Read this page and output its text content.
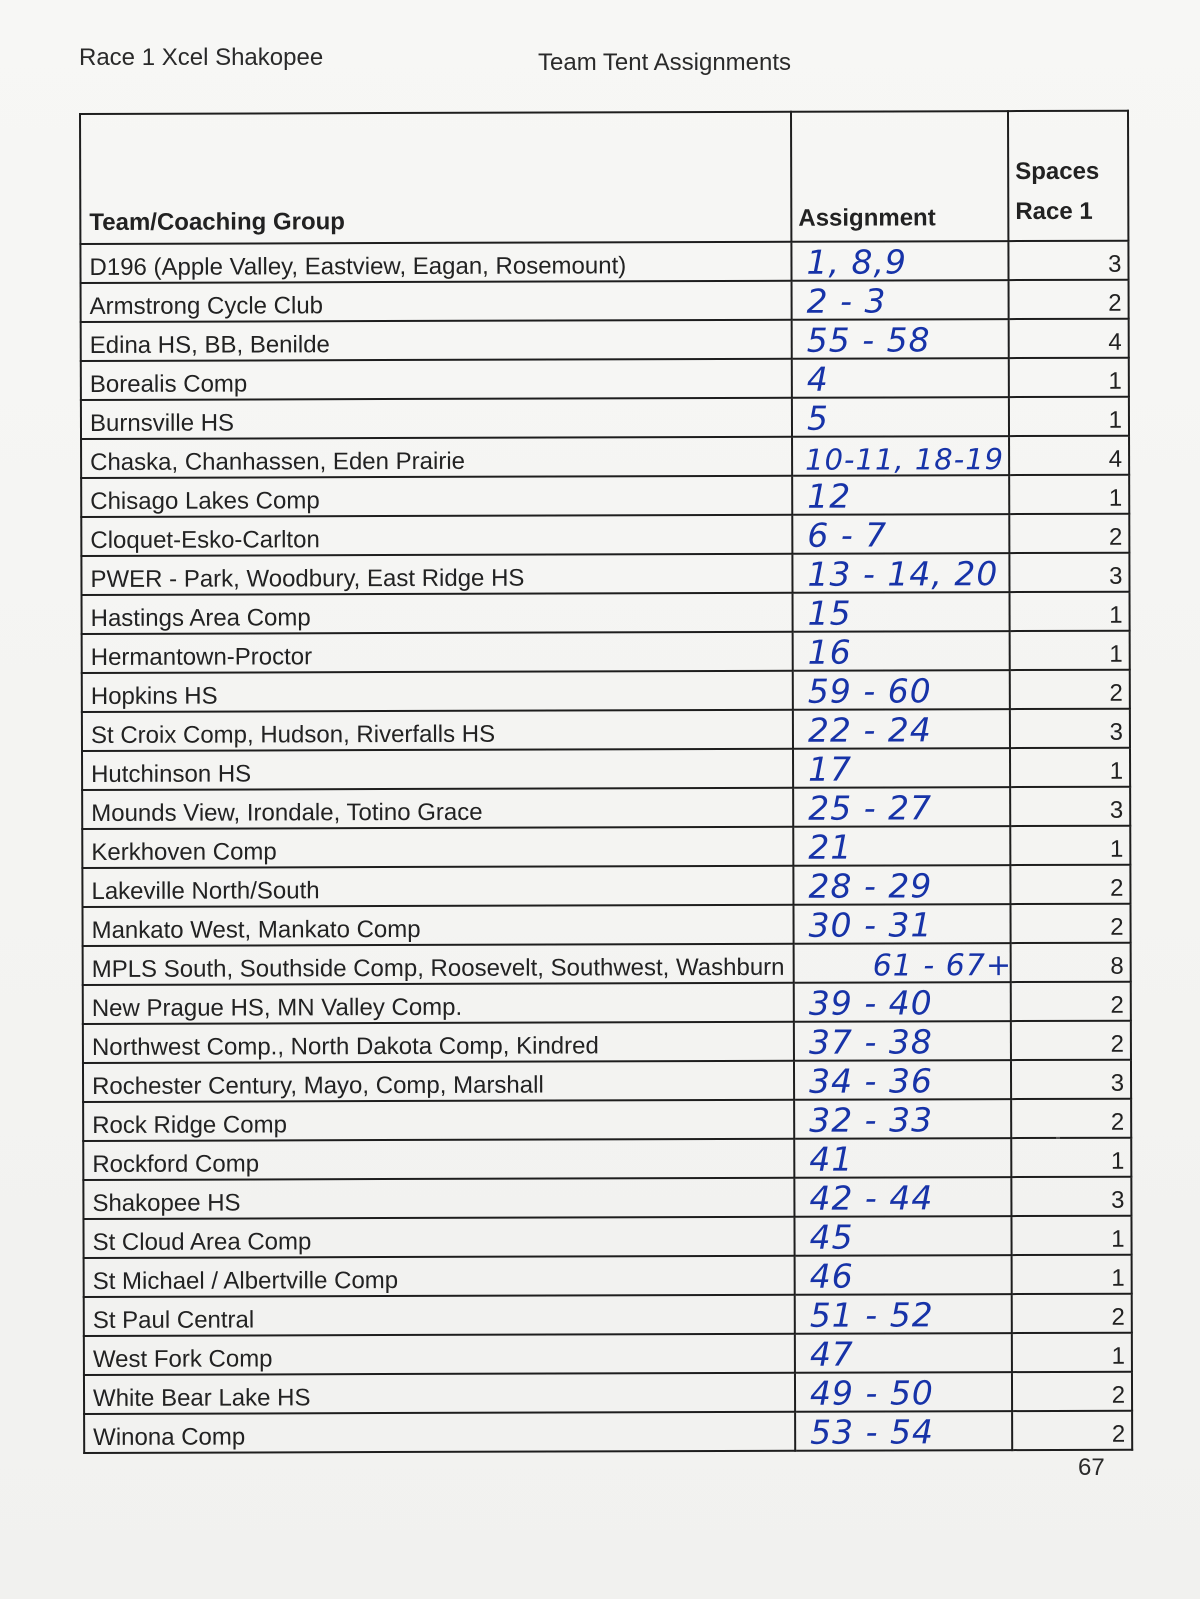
Race 1 Xcel Shakopee	Team Tent Assignments
Team/Coaching Group	Assignment	Spaces Race 1
D196 (Apple Valley, Eastview, Eagan, Rosemount)	1, 8,9	3
Armstrong Cycle Club	2 - 3	2
Edina HS, BB, Benilde	55 - 58	4
Borealis Comp	4	1
Burnsville HS	5	1
Chaska, Chanhassen, Eden Prairie	10-11, 18-19	4
Chisago Lakes Comp	12	1
Cloquet-Esko-Carlton	6 - 7	2
PWER - Park, Woodbury, East Ridge HS	13 - 14, 20	3
Hastings Area Comp	15	1
Hermantown-Proctor	16	1
Hopkins HS	59 - 60	2
St Croix Comp, Hudson, Riverfalls HS	22 - 24	3
Hutchinson HS	17	1
Mounds View, Irondale, Totino Grace	25 - 27	3
Kerkhoven Comp	21	1
Lakeville North/South	28 - 29	2
Mankato West, Mankato Comp	30 - 31	2

MPLS South, Southside Comp, Roosevelt, Southwest, Washburn	61 - 67+	8
New Prague HS, MN Valley Comp.	39 - 40	2
Northwest Comp., North Dakota Comp, Kindred	37 - 38	2
Rochester Century, Mayo, Comp, Marshall	34 - 36	3
Rock Ridge Comp	32 - 33	2
Rockford Comp	41	1
Shakopee HS	42 - 44	3
St Cloud Area Comp	45	1
St Michael / Albertville Comp	46	1
St Paul Central	51 - 52	2
West Fork Comp	47	1
White Bear Lake HS	49 - 50	2
Winona Comp	53 - 54	2
67
